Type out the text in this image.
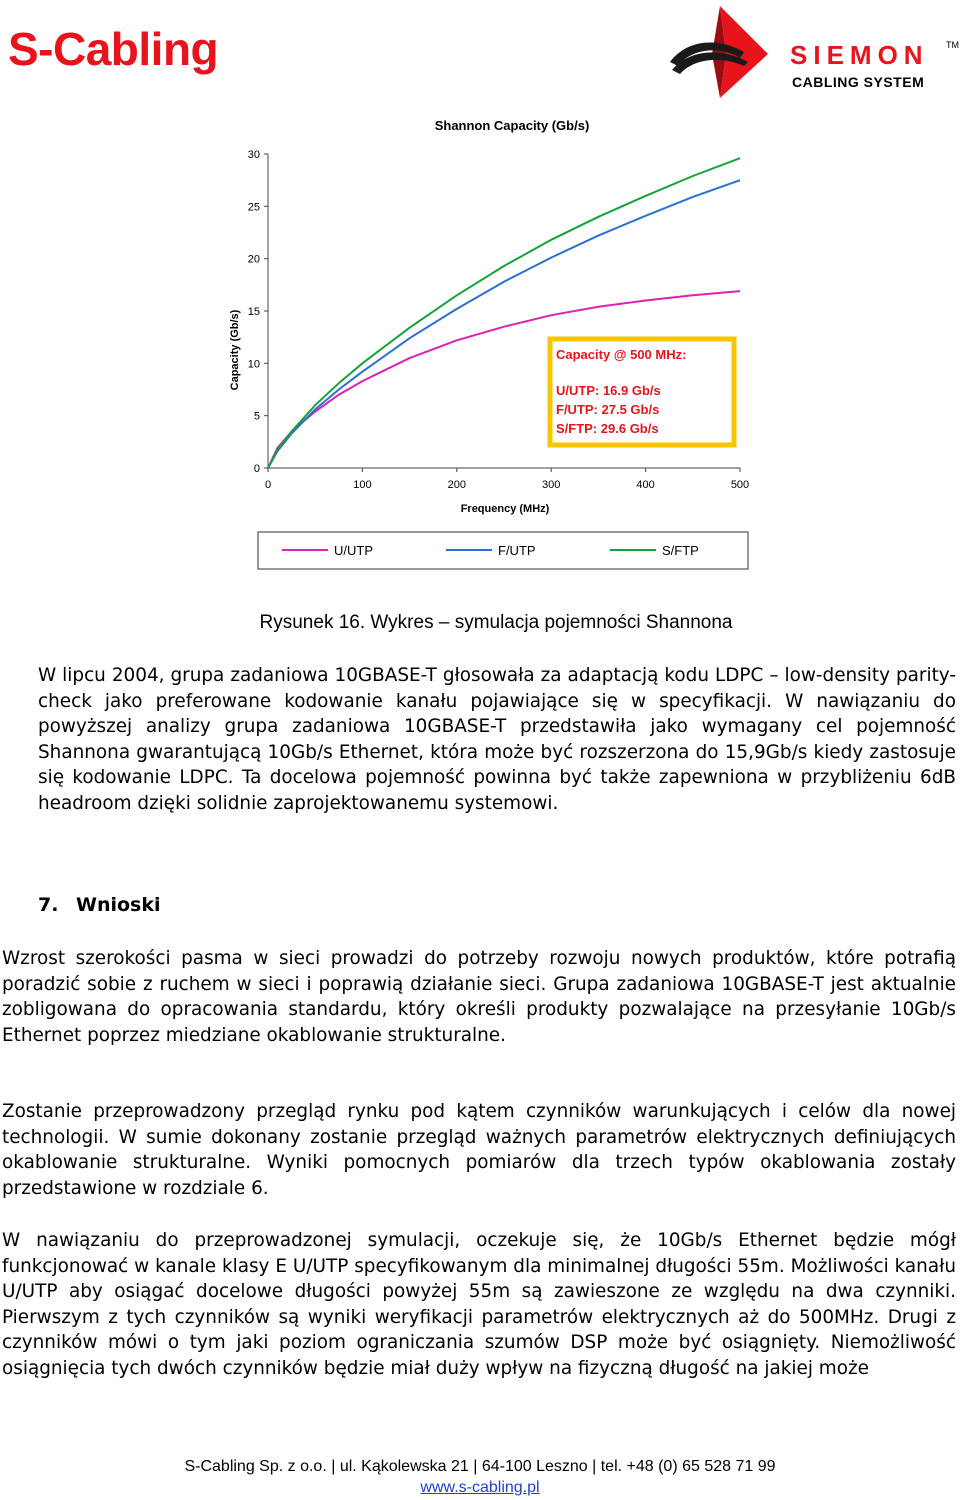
S-Cabling	SIEMON TM
CABLING SYSTEM
Shannon Capacity (Gb/s)
Capacity (Gb/s)
Frequency (MHz)
0
5
10
15
20
25
30
0	100	200	300	400	500
Capacity @ 500 MHz:
U/UTP: 16.9 Gb/s
F/UTP: 27.5 Gb/s
S/FTP: 29.6 Gb/s
U/UTP	F/UTP	S/FTP
Rysunek 16. Wykres – symulacja pojemności Shannona

W lipcu 2004, grupa zadaniowa 10GBASE-T głosowała za adaptacją kodu LDPC – low-density parity-check jako preferowane kodowanie kanału pojawiające się w specyfikacji. W nawiązaniu do powyższej analizy grupa zadaniowa 10GBASE-T przedstawiła jako wymagany cel pojemność Shannona gwarantującą 10Gb/s Ethernet, która może być rozszerzona do 15,9Gb/s kiedy zastosuje się kodowanie LDPC. Ta docelowa pojemność powinna być także zapewniona w przybliżeniu 6dB headroom dzięki solidnie zaprojektowanemu systemowi.

7. Wnioski

Wzrost szerokości pasma w sieci prowadzi do potrzeby rozwoju nowych produktów, które potrafią poradzić sobie z ruchem w sieci i poprawią działanie sieci. Grupa zadaniowa 10GBASE-T jest aktualnie zobligowana do opracowania standardu, który określi produkty pozwalające na przesyłanie 10Gb/s Ethernet poprzez miedziane okablowanie strukturalne.

Zostanie przeprowadzony przegląd rynku pod kątem czynników warunkujących i celów dla nowej technologii. W sumie dokonany zostanie przegląd ważnych parametrów elektrycznych definiujących okablowanie strukturalne. Wyniki pomocnych pomiarów dla trzech typów okablowania zostały przedstawione w rozdziale 6.

W nawiązaniu do przeprowadzonej symulacji, oczekuje się, że 10Gb/s Ethernet będzie mógł funkcjonować w kanale klasy E U/UTP specyfikowanym dla minimalnej długości 55m. Możliwości kanału U/UTP aby osiągać docelowe długości powyżej 55m są zawieszone ze względu na dwa czynniki. Pierwszym z tych czynników są wyniki weryfikacji parametrów elektrycznych aż do 500MHz. Drugi z czynników mówi o tym jaki poziom ograniczania szumów DSP może być osiągnięty. Niemożliwość osiągnięcia tych dwóch czynników będzie miał duży wpływ na fizyczną długość na jakiej może

S-Cabling Sp. z o.o. | ul. Kąkolewska 21 | 64-100 Leszno | tel. +48 (0) 65 528 71 99
www.s-cabling.pl
